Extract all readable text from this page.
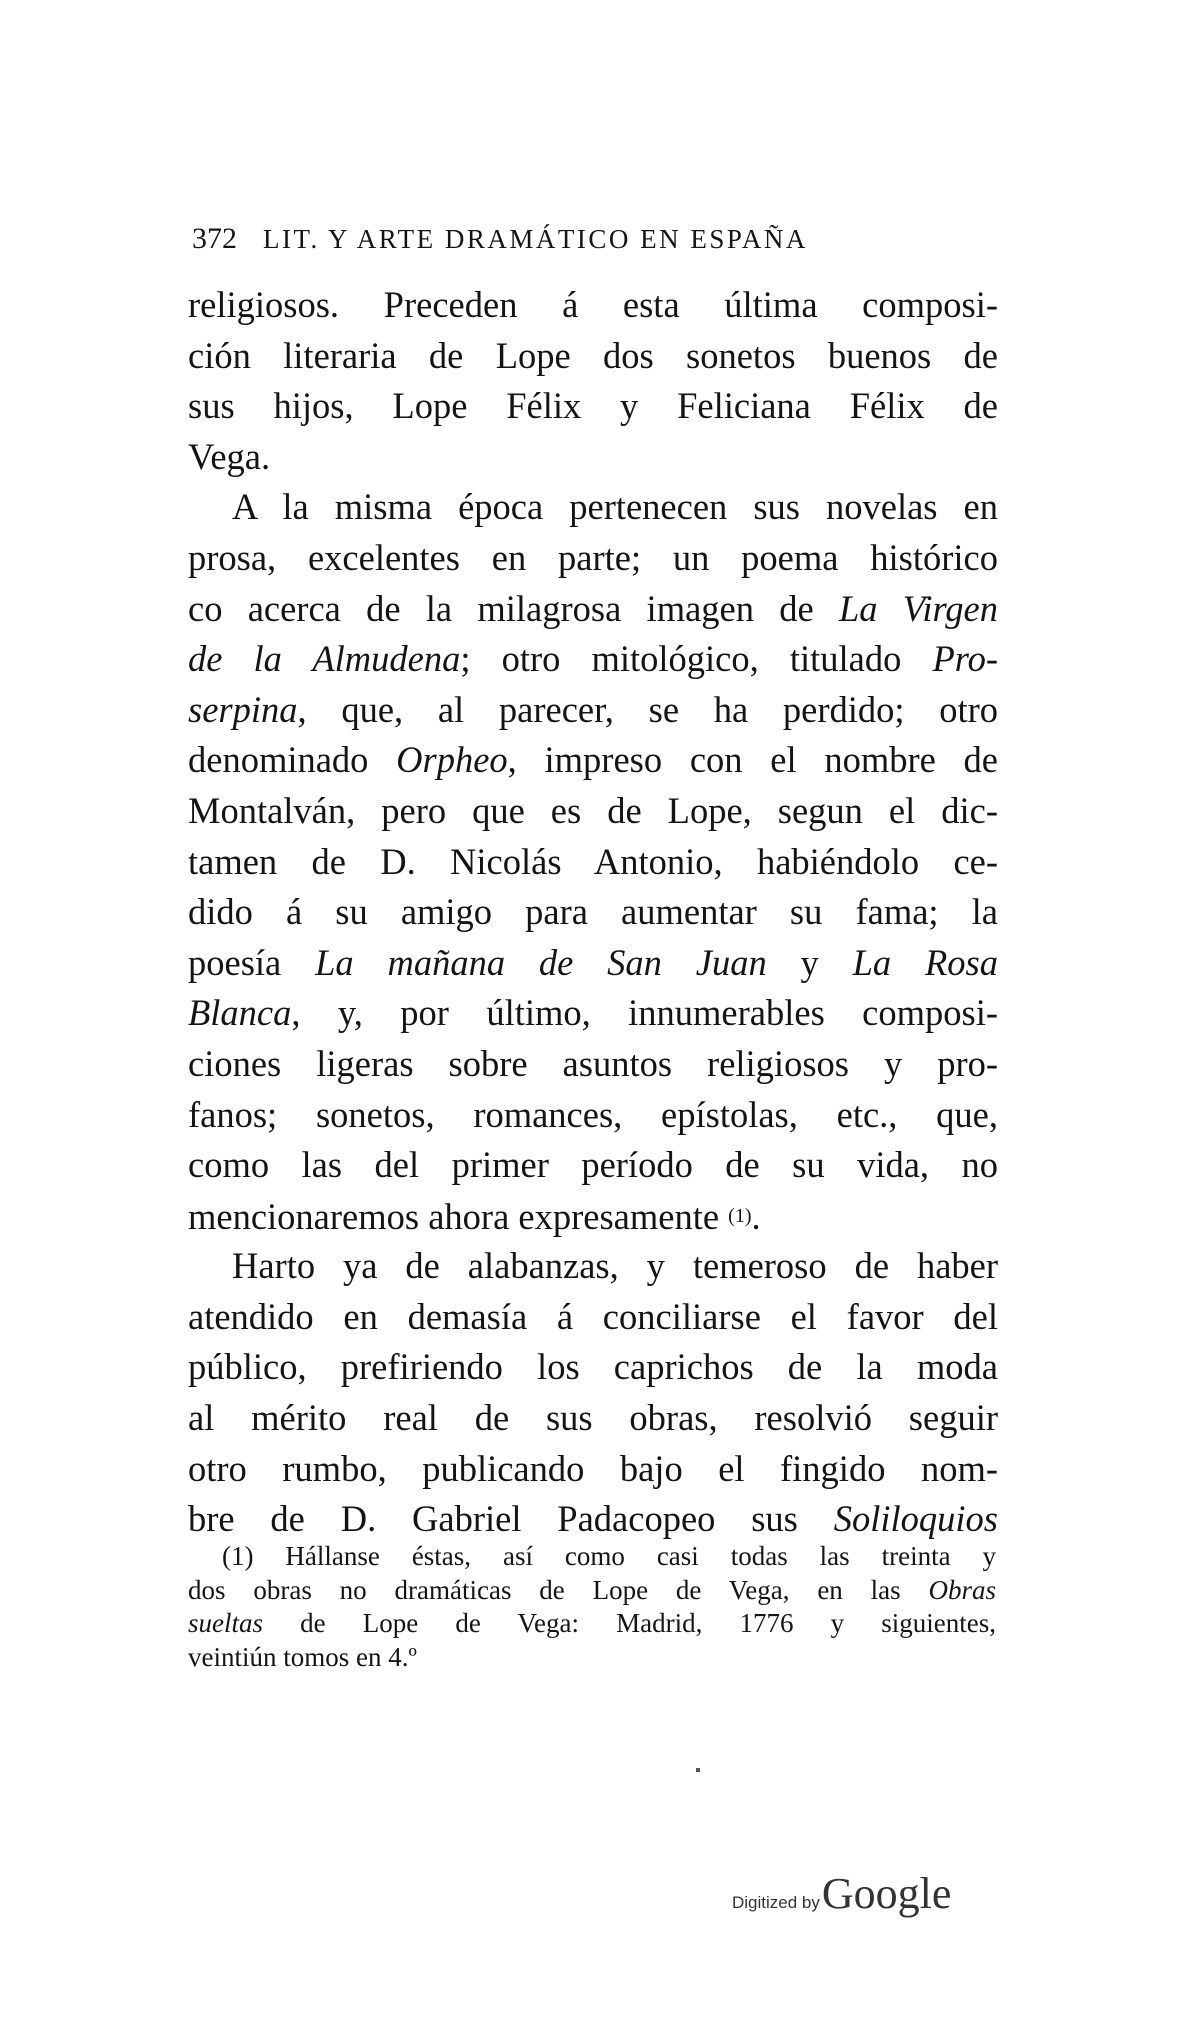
372 LIT. Y ARTE DRAMÁTICO EN ESPAÑA
religiosos. Preceden á esta última composi-
ción literaria de Lope dos sonetos buenos de
sus hijos, Lope Félix y Feliciana Félix de
Vega.
A la misma época pertenecen sus novelas en
prosa, excelentes en parte; un poema histórico
co acerca de la milagrosa imagen de La Virgen
de la Almudena; otro mitológico, titulado Pro-
serpina, que, al parecer, se ha perdido; otro
denominado Orpheo, impreso con el nombre de
Montalván, pero que es de Lope, segun el dic-
tamen de D. Nicolás Antonio, habiéndolo ce-
dido á su amigo para aumentar su fama; la
poesía La mañana de San Juan y La Rosa
Blanca, y, por último, innumerables composi-
ciones ligeras sobre asuntos religiosos y pro-
fanos; sonetos, romances, epístolas, etc., que,
como las del primer período de su vida, no
mencionaremos ahora expresamente $^{(1)}$.
Harto ya de alabanzas, y temeroso de haber
atendido en demasía á conciliarse el favor del
público, prefiriendo los caprichos de la moda
al mérito real de sus obras, resolvió seguir
otro rumbo, publicando bajo el fingido nom-
bre de D. Gabriel Padacopeo sus Soliloquios
(1) Hállanse éstas, así como casi todas las treinta y
dos obras no dramáticas de Lope de Vega, en las Obras
sueltas de Lope de Vega: Madrid, 1776 y siguientes,
veintiún tomos en 4.º
Digitized byGoogle
